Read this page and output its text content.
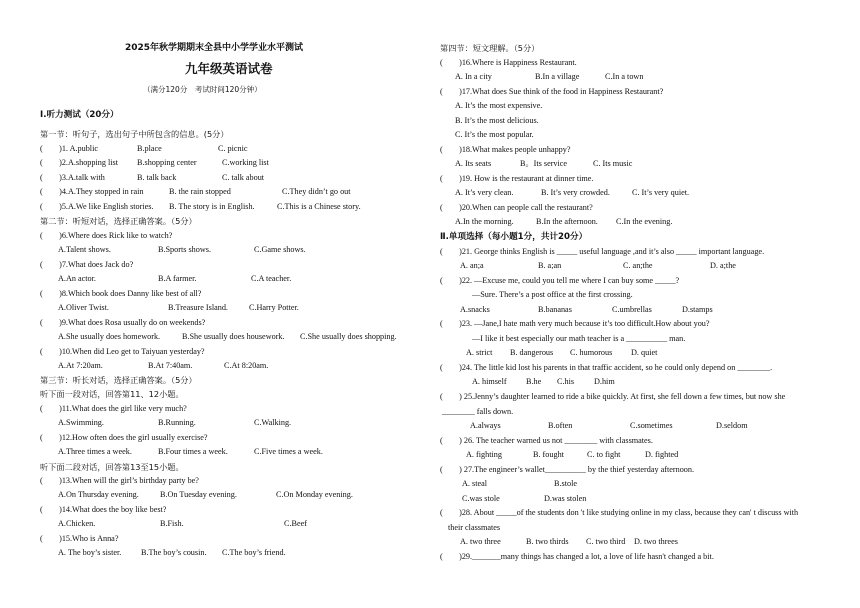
2025年秋学期期末全县中小学学业水平测试
九年级英语试卷
（满分120分　考试时间120分钟）
Ⅰ.听力测试（20分）
第一节：听句子，选出句子中所包含的信息。(5分）
(　　)1. A.public	B.place	C. picnic
(　　)2.A.shopping list B.shopping center	C.working list
(　　)3.A.talk with	B. talk back	C. talk about
(　　)4.A.They stopped in rain	B. the rain stopped	C.They didn’t go out
(　　)5.A.We like English stories. B. The story is in English.	C.This is a Chinese story.
第二节：听短对话，选择正确答案。（5分）
(　　)6.Where does Rick like to watch?
A.Talent shows.	B.Sports shows.	C.Game shows.
(　　)7.What does Jack do?
A.An actor.	B.A farmer.	C.A teacher.
(　　)8.Which book does Danny like best of all?
A.Oliver Twist.	B.Treasure Island.	C.Harry Potter.
(　　)9.What does Rosa usually do on weekends?
A.She usually does homework.	B.She usually does housework. C.She usually does shopping.
(　　)10.When did Leo get to Taiyuan yesterday?
A.At 7:20am.	B.At 7:40am.	C.At 8:20am.
第三节：听长对话，选择正确答案。（5分）
听下面一段对话，回答第11、12小题。
(　　)11.What does the girl like very much?
A.Swimming.	B.Running.	C.Walking.
(　　)12.How often does the girl usually exercise?
A.Three times a week.	B.Four times a week.	C.Five times a week.
听下面二段对话，回答第13至15小题。
(　　)13.When will the girl’s birthday party be?
A.On Thursday evening.	B.On Tuesday evening.	C.On Monday evening.
(　　)14.What does the boy like best?
A.Chicken.	B.Fish.	C.Beef
(　　)15.Who is Anna?
A. The boy’s sister. B.The boy’s cousin. C.The boy’s friend.
第四节：短文理解。（5分）
(　　)16.Where is Happiness Restaurant.
A. In a city	B.In a village	C.In a town
(　　)17.What does Sue think of the food in Happiness Restaurant?
A. It’s the most expensive.
B. It’s the most delicious.
C. It’s the most popular.
(　　)18.What makes people unhappy?
A. Its seats	B。Its service	C. Its music
(　　)19. How is the restaurant at dinner time.
A. It’s very clean.	B. It’s very crowded.	C. It’s very quiet.
(　　)20.When can people call the restaurant?
A.In the morning.	B.In the afternoon. C.In the evening.
Ⅱ.单项选择（每小题1分，共计20分）
(　　)21. George thinks English is _____ useful language ,and it’s also _____ important language.
A. an;a	B. a;an	C. an;the	D. a;the
(　　)22. —Excuse me, could you tell me where I can buy some _____?
—Sure. There’s a post office at the first crossing.
A.snacks	B.bananas	C.umbrellas	D.stamps
(　　)23. —Jane,I hate math very much because it’s too difficult.How about you?
—I like it best especially our math teacher is a __________ man.
A. strict B. dangerous C. humorous D. quiet
(　　)24. The little kid lost his parents in that traffic accident, so he could only depend on ________.
A. himself B.he C.his D.him
(　　) 25.Jenny’s daughter learned to ride a bike quickly. At first, she fell down a few times, but now she
________ falls down.
A.always	B.often	C.sometimes	D.seldom
(　　) 26. The teacher warned us not ________ with classmates.
A. fighting	B. fought	C. to fight	D. fighted
(　　) 27.The engineer’s wallet__________ by the thief yesterday afternoon.
A. steal	B.stole
C.was stole	D.was stolen
(　　)28. About _____of the students don 't like studying online in my class, because they can' t discuss with
their classmates
A. two three	B. two thirds C. two third D. two threes
(　　)29._______many things has changed a lot, a love of life hasn't changed a bit.
